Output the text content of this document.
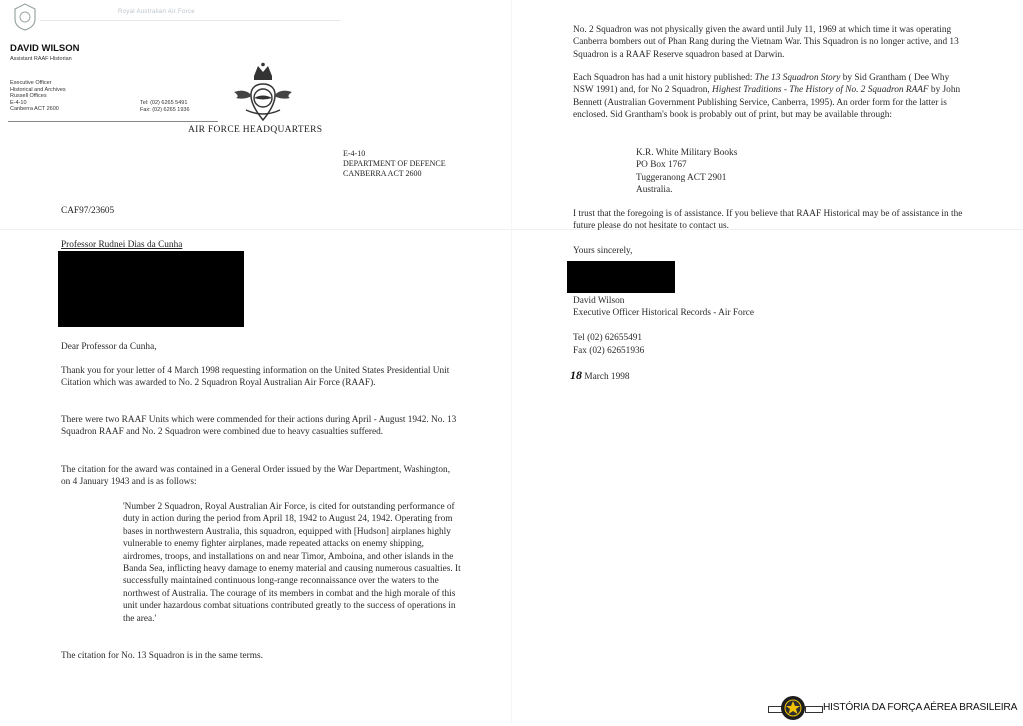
Royal Australian Air Force
DAVID WILSON
Assistant RAAF Historian
Executive Officer
Historical and Archives
Russell Offices
E-4-10
Canberra ACT 2600
Tel: (02) 6265 5491
Fax: (02) 6265 1936
AIR FORCE HEADQUARTERS
E-4-10
DEPARTMENT OF DEFENCE
CANBERRA ACT 2600
CAF97/23605
Professor Rudnei Dias da Cunha
Dear Professor da Cunha,

Thank you for your letter of 4 March 1998 requesting information on the United States Presidential Unit Citation which was awarded to No. 2 Squadron Royal Australian Air Force (RAAF).

There were two RAAF Units which were commended for their actions during April - August 1942. No. 13 Squadron RAAF and No. 2 Squadron were combined due to heavy casualties suffered.

The citation for the award was contained in a General Order issued by the War Department, Washington, on 4 January 1943 and is as follows:

'Number 2 Squadron, Royal Australian Air Force, is cited for outstanding performance of duty in action during the period from April 18, 1942 to August 24, 1942. Operating from bases in northwestern Australia, this squadron, equipped with [Hudson] airplanes highly vulnerable to enemy fighter airplanes, made repeated attacks on enemy shipping, airdromes, troops, and installations on and near Timor, Amboina, and other islands in the Banda Sea, inflicting heavy damage to enemy material and causing numerous casualties. It successfully maintained continuous long-range reconnaissance over the waters to the northwest of Australia. The courage of its members in combat and the high morale of this unit under hazardous combat situations contributed greatly to the success of operations in the area.'

The citation for No. 13 Squadron is in the same terms.

No. 2 Squadron was not physically given the award until July 11, 1969 at which time it was operating Canberra bombers out of Phan Rang during the Vietnam War. This Squadron is no longer active, and 13 Squadron is a RAAF Reserve squadron based at Darwin.

Each Squadron has had a unit history published: The 13 Squadron Story by Sid Grantham ( Dee Why NSW 1991) and, for No 2 Squadron, Highest Traditions - The History of No. 2 Squadron RAAF by John Bennett (Australian Government Publishing Service, Canberra, 1995). An order form for the latter is enclosed. Sid Grantham's book is probably out of print, but may be available through:

K.R. White Military Books
PO Box 1767
Tuggeranong ACT 2901
Australia.

I trust that the foregoing is of assistance. If you believe that RAAF Historical may be of assistance in the future please do not hesitate to contact us.

Yours sincerely,
David Wilson
Executive Officer Historical Records - Air Force
Tel (02) 62655491
Fax (02) 62651936
18 March 1998
HISTÓRIA DA FORÇA AÉREA BRASILEIRA
